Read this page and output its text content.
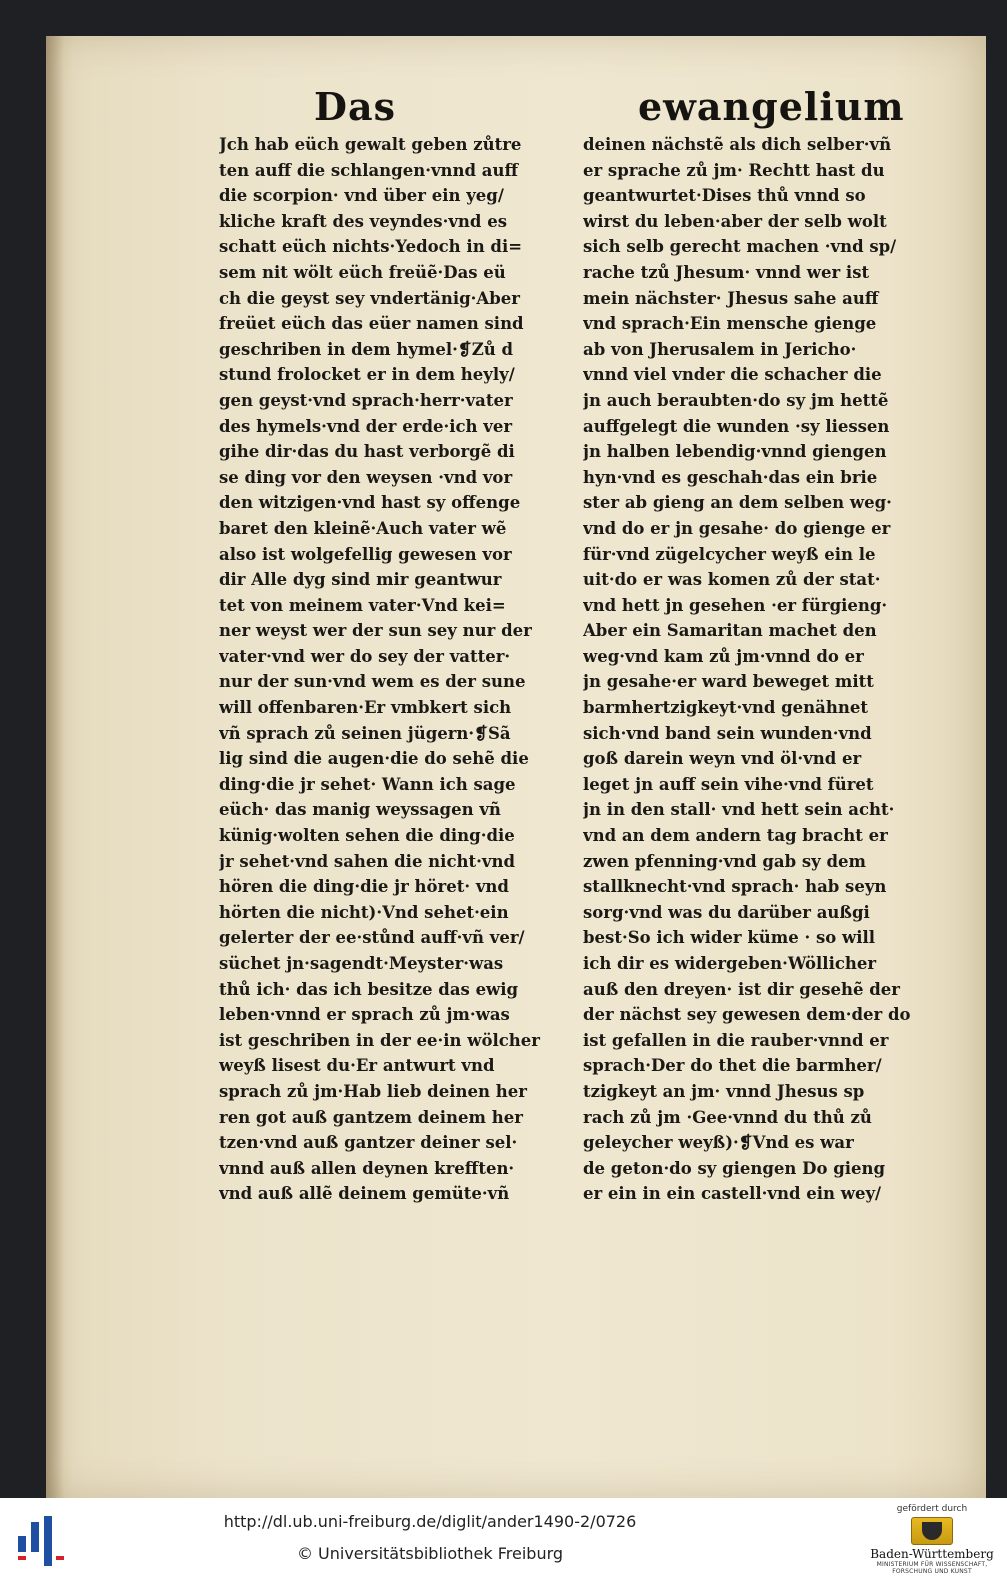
Das	ewangelium
Jch hab eüch gewalt geben zůtre
ten auff die schlangen·vnnd auff
die scorpion· vnd über ein yeg/
kliche kraft des veyndes·vnd es
schatt eüch nichts·Yedoch in di=
sem nit wölt eüch freüẽ·Das eü
ch die geyst sey vndertänig·Aber
freüet eüch das eüer namen sind
geschriben in dem hymel·❡Zů d
stund frolocket er in dem heyly/
gen geyst·vnd sprach·herr·vater
des hymels·vnd der erde·ich ver
gihe dir·das du hast verborgẽ di
se ding vor den weysen ·vnd vor
den witzigen·vnd hast sy offenge
baret den kleinẽ·Auch vater wẽ
also ist wolgefellig gewesen vor
dir Alle dyg sind mir geantwur
tet von meinem vater·Vnd kei=
ner weyst wer der sun sey nur der
vater·vnd wer do sey der vatter·
nur der sun·vnd wem es der sune
will offenbaren·Er vmbkert sich
vñ sprach zů seinen jügern·❡Sã
lig sind die augen·die do sehẽ die
ding·die jr sehet· Wann ich sage
eüch· das manig weyssagen vñ
künig·wolten sehen die ding·die
jr sehet·vnd sahen die nicht·vnd
hören die ding·die jr höret· vnd
hörten die nicht)·Vnd sehet·ein
gelerter der ee·stůnd auff·vñ ver/
süchet jn·sagendt·Meyster·was
thů ich· das ich besitze das ewig
leben·vnnd er sprach zů jm·was
ist geschriben in der ee·in wölcher
weyß lisest du·Er antwurt vnd
sprach zů jm·Hab lieb deinen her
ren got auß gantzem deinem her
tzen·vnd auß gantzer deiner sel·
vnnd auß allen deynen krefften·
vnd auß allẽ deinem gemüte·vñ
deinen nächstẽ als dich selber·vñ
er sprache zů jm· Rechtt hast du
geantwurtet·Dises thů vnnd so
wirst du leben·aber der selb wolt
sich selb gerecht machen ·vnd sp/
rache tzů Jhesum· vnnd wer ist
mein nächster· Jhesus sahe auff
vnd sprach·Ein mensche gienge
ab von Jherusalem in Jericho·
vnnd viel vnder die schacher die
jn auch beraubten·do sy jm hettẽ
auffgelegt die wunden ·sy liessen
jn halben lebendig·vnnd giengen
hyn·vnd es geschah·das ein brie
ster ab gieng an dem selben weg·
vnd do er jn gesahe· do gienge er
für·vnd zügelcycher weyß ein le
uit·do er was komen zů der stat·
vnd hett jn gesehen ·er fürgieng·
Aber ein Samaritan machet den
weg·vnd kam zů jm·vnnd do er
jn gesahe·er ward beweget mitt
barmhertzigkeyt·vnd genähnet
sich·vnd band sein wunden·vnd
goß darein weyn vnd öl·vnd er
leget jn auff sein vihe·vnd füret
jn in den stall· vnd hett sein acht·
vnd an dem andern tag bracht er
zwen pfenning·vnd gab sy dem
stallknecht·vnd sprach· hab seyn
sorg·vnd was du darüber außgi
best·So ich wider küme · so will
ich dir es widergeben·Wöllicher
auß den dreyen· ist dir gesehẽ der
der nächst sey gewesen dem·der do
ist gefallen in die rauber·vnnd er
sprach·Der do thet die barmher/
tzigkeyt an jm· vnnd Jhesus sp
rach zů jm ·Gee·vnnd du thů zů
geleycher weyß)·❡Vnd es war
de geton·do sy giengen Do gieng
er ein in ein castell·vnd ein wey/
http://dl.ub.uni-freiburg.de/diglit/ander1490-2/0726
© Universitätsbibliothek Freiburg
gefördert durch
Baden-Württemberg
MINISTERIUM FÜR WISSENSCHAFT, FORSCHUNG UND KUNST
